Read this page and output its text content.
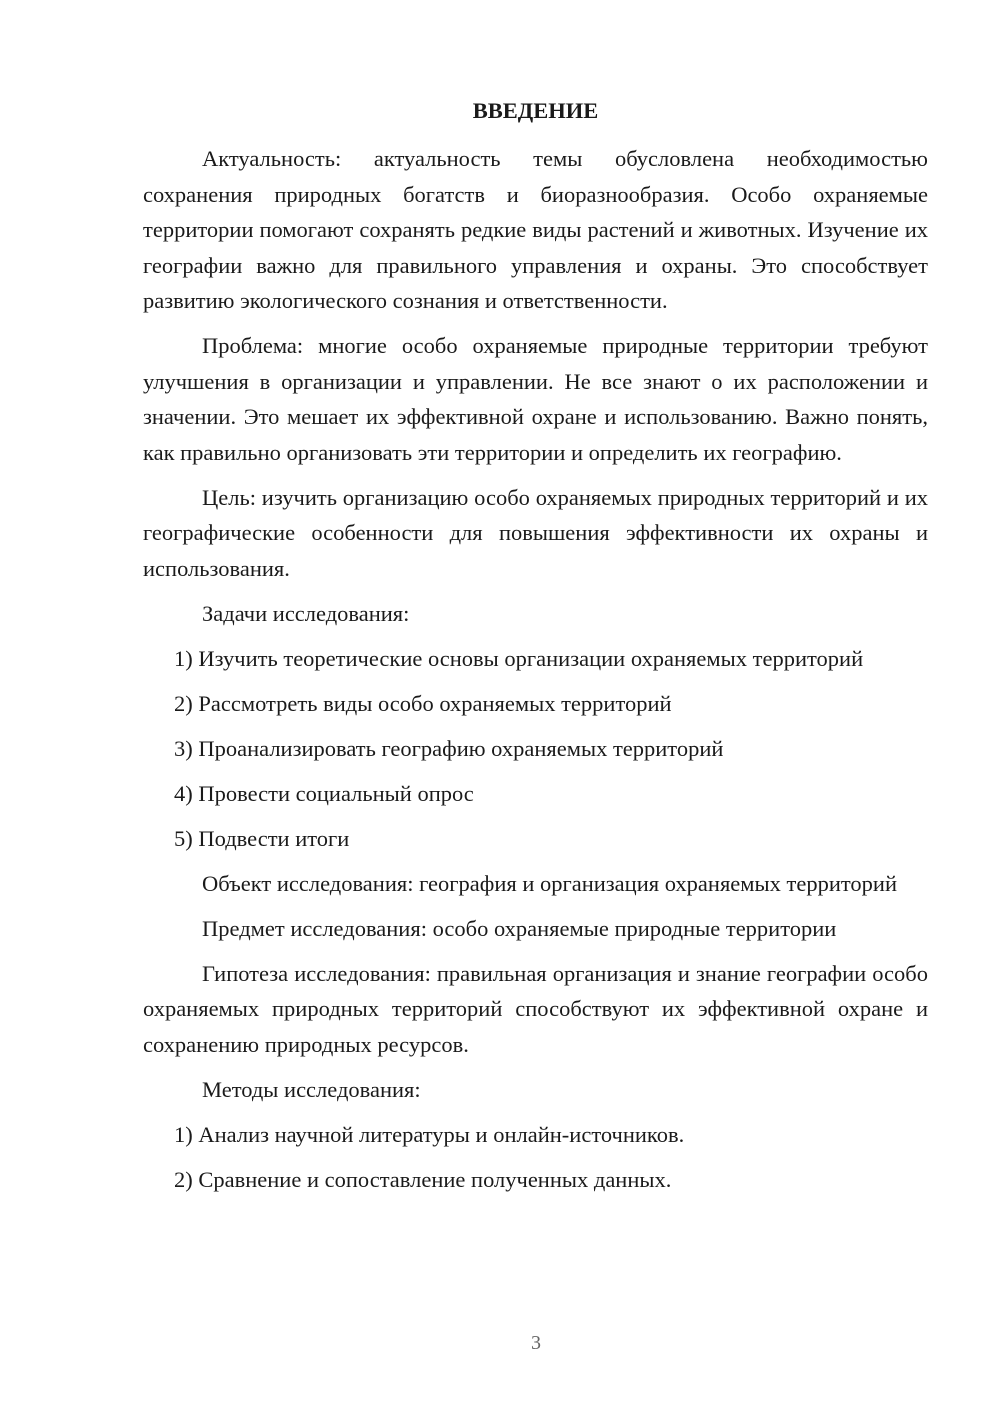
ВВЕДЕНИЕ

Актуальность: актуальность темы обусловлена необходимостью сохранения природных богатств и биоразнообразия. Особо охраняемые территории помогают сохранять редкие виды растений и животных. Изучение их географии важно для правильного управления и охраны. Это способствует развитию экологического сознания и ответственности.

Проблема: многие особо охраняемые природные территории требуют улучшения в организации и управлении. Не все знают о их расположении и значении. Это мешает их эффективной охране и использованию. Важно понять, как правильно организовать эти территории и определить их географию.

Цель: изучить организацию особо охраняемых природных территорий и их географические особенности для повышения эффективности их охраны и использования.

Задачи исследования:

1) Изучить теоретические основы организации охраняемых территорий

2) Рассмотреть виды особо охраняемых территорий

3) Проанализировать географию охраняемых территорий

4) Провести социальный опрос

5) Подвести итоги

Объект исследования: география и организация охраняемых территорий

Предмет исследования: особо охраняемые природные территории

Гипотеза исследования: правильная организация и знание географии особо охраняемых природных территорий способствуют их эффективной охране и сохранению природных ресурсов.

Методы исследования:

1) Анализ научной литературы и онлайн-источников.

2) Сравнение и сопоставление полученных данных.

3
